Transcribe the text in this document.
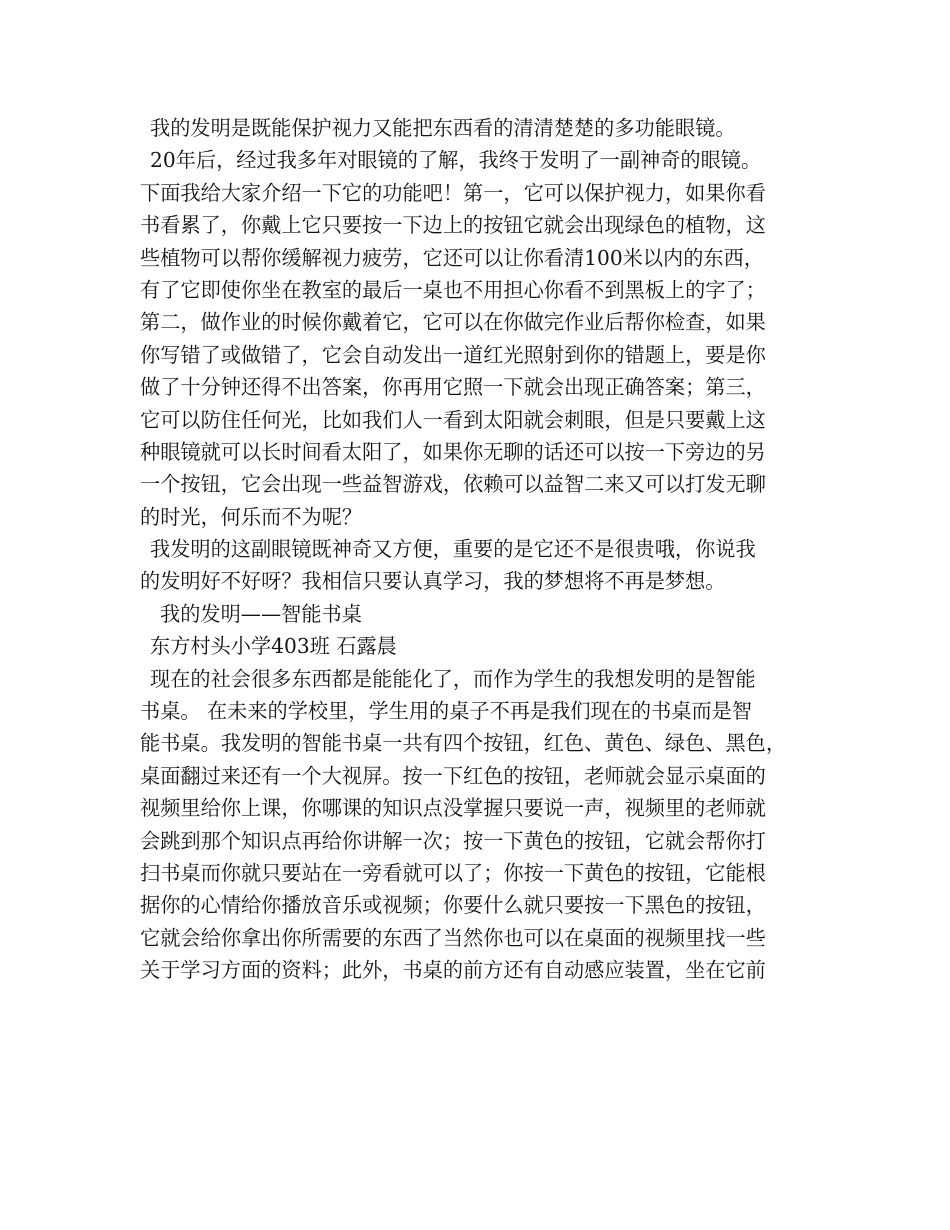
我的发明是既能保护视力又能把东西看的清清楚楚的多功能眼镜。
20年后，经过我多年对眼镜的了解，我终于发明了一副神奇的眼镜。
下面我给大家介绍一下它的功能吧！第一，它可以保护视力，如果你看
书看累了，你戴上它只要按一下边上的按钮它就会出现绿色的植物，这
些植物可以帮你缓解视力疲劳，它还可以让你看清100米以内的东西，
有了它即使你坐在教室的最后一桌也不用担心你看不到黑板上的字了；
第二，做作业的时候你戴着它，它可以在你做完作业后帮你检查，如果
你写错了或做错了，它会自动发出一道红光照射到你的错题上，要是你
做了十分钟还得不出答案，你再用它照一下就会出现正确答案；第三，
它可以防住任何光，比如我们人一看到太阳就会刺眼，但是只要戴上这
种眼镜就可以长时间看太阳了，如果你无聊的话还可以按一下旁边的另
一个按钮，它会出现一些益智游戏，依赖可以益智二来又可以打发无聊
的时光，何乐而不为呢？
我发明的这副眼镜既神奇又方便，重要的是它还不是很贵哦，你说我
的发明好不好呀？我相信只要认真学习，我的梦想将不再是梦想。
我的发明——智能书桌
东方村头小学403班 石露晨
现在的社会很多东西都是能能化了，而作为学生的我想发明的是智能
书桌。 在未来的学校里，学生用的桌子不再是我们现在的书桌而是智
能书桌。我发明的智能书桌一共有四个按钮，红色、黄色、绿色、黑色，
桌面翻过来还有一个大视屏。按一下红色的按钮，老师就会显示桌面的
视频里给你上课，你哪课的知识点没掌握只要说一声，视频里的老师就
会跳到那个知识点再给你讲解一次；按一下黄色的按钮，它就会帮你打
扫书桌而你就只要站在一旁看就可以了；你按一下黄色的按钮，它能根
据你的心情给你播放音乐或视频；你要什么就只要按一下黑色的按钮，
它就会给你拿出你所需要的东西了当然你也可以在桌面的视频里找一些
关于学习方面的资料；此外，书桌的前方还有自动感应装置，坐在它前
